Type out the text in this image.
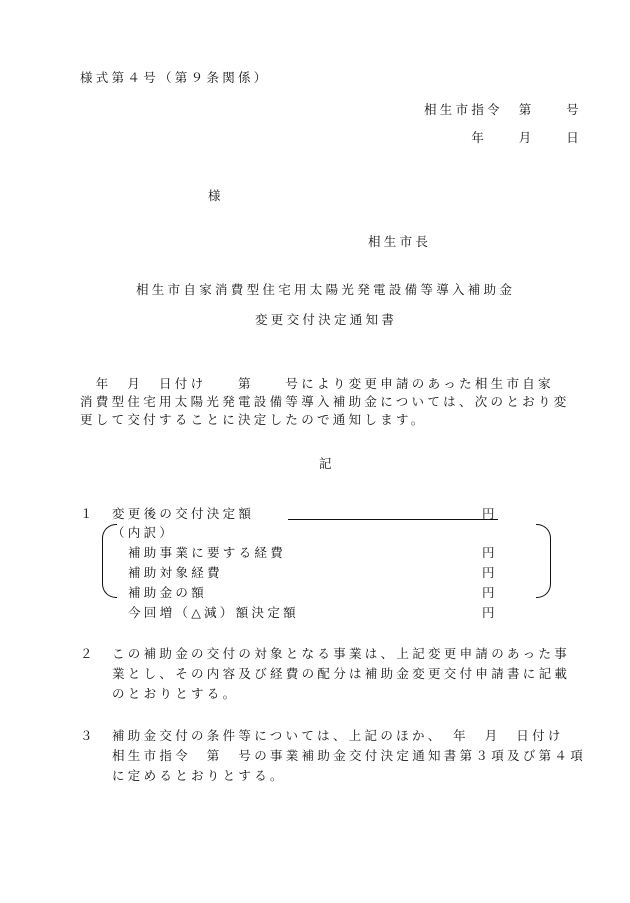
様式第４号（第９条関係）
相生市指令　第　　号
年　　月　　日
様
相生市長
相生市自家消費型住宅用太陽光発電設備等導入補助金
変更交付決定通知書
　年　月　日付け　　第　　号により変更申請のあった相生市自家
消費型住宅用太陽光発電設備等導入補助金については、次のとおり変
更して交付することに決定したので通知します。
記
１ 変更後の交付決定額	円
（内訳）
補助事業に要する経費	円
補助対象経費	円
補助金の額	円
今回増（△減）額決定額	円
２ この補助金の交付の対象となる事業は、上記変更申請のあった事
業とし、その内容及び経費の配分は補助金変更交付申請書に記載
のとおりとする。
３ 補助金交付の条件等については、上記のほか、　年　月　日付け
相生市指令　第　号の事業補助金交付決定通知書第３項及び第４項
に定めるとおりとする。
